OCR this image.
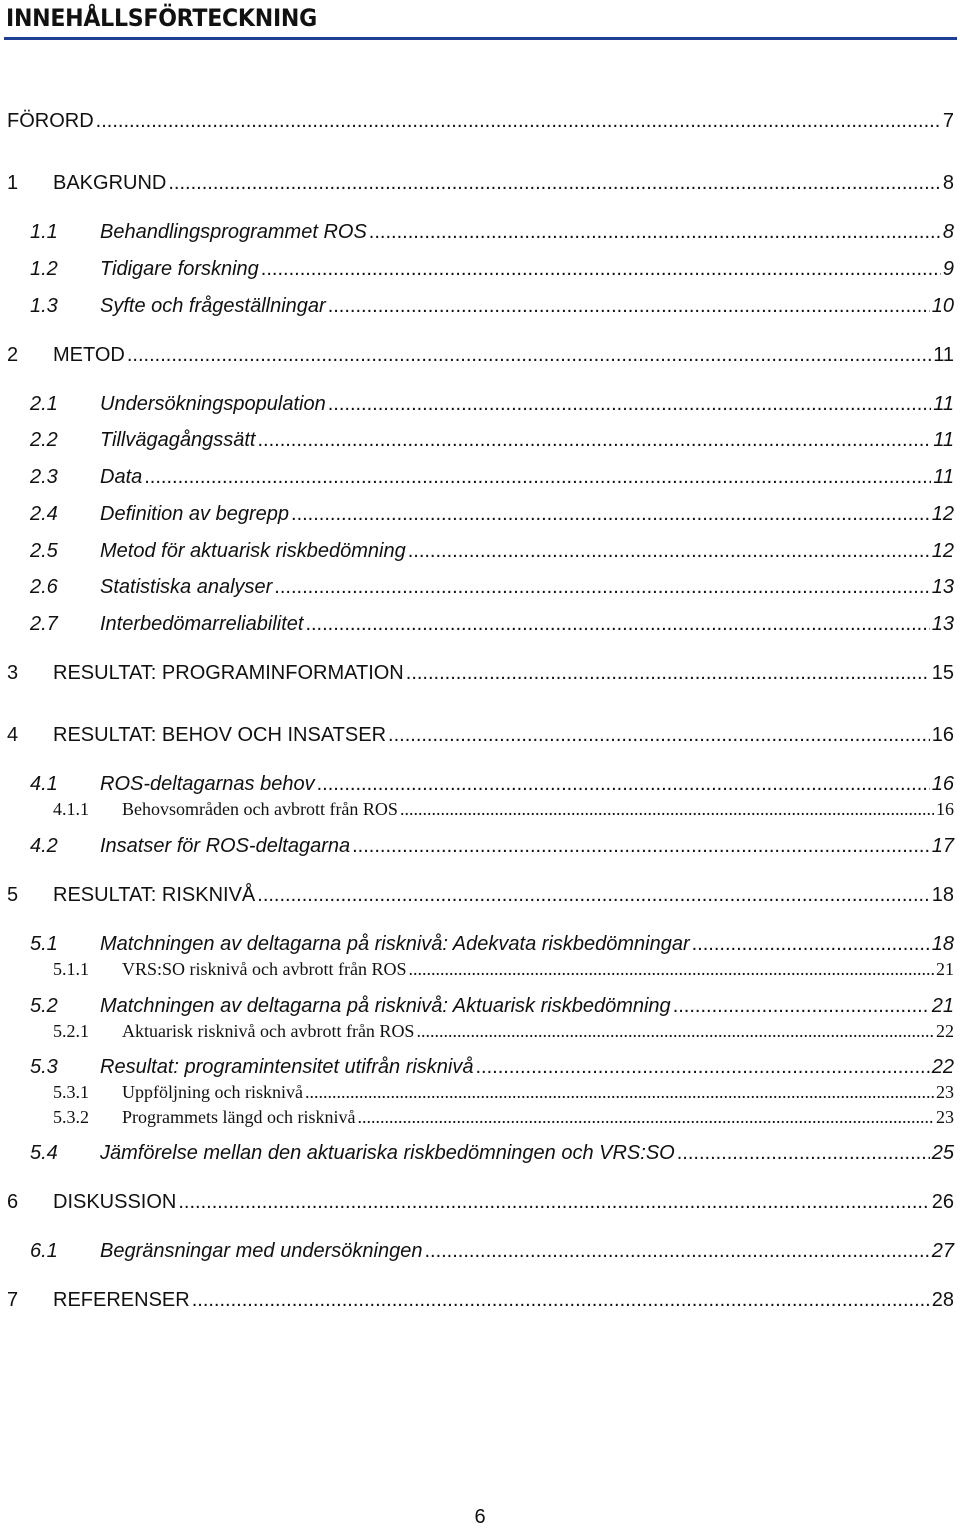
INNEHÅLLSFÖRTECKNING
FÖRORD .....	7
1	BAKGRUND .....	8
1.1	Behandlingsprogrammet ROS .....	8
1.2	Tidigare forskning .....	9
1.3	Syfte och frågeställningar .....	10
2	METOD .....	11
2.1	Undersökningspopulation .....	11
2.2	Tillvägagångssätt .....	11
2.3	Data .....	11
2.4	Definition av begrepp .....	12
2.5	Metod för aktuarisk riskbedömning .....	12
2.6	Statistiska analyser .....	13
2.7	Interbedömarreliabilitet .....	13
3	RESULTAT: PROGRAMINFORMATION .....	15
4	RESULTAT: BEHOV OCH INSATSER .....	16
4.1	ROS-deltagarnas behov .....	16
4.1.1	Behovsområden och avbrott från ROS .....	16
4.2	Insatser för ROS-deltagarna .....	17
5	RESULTAT: RISKNIVÅ .....	18
5.1	Matchningen av deltagarna på risknivå: Adekvata riskbedömningar .....	18
5.1.1	VRS:SO risknivå och avbrott från ROS .....	21
5.2	Matchningen av deltagarna på risknivå: Aktuarisk riskbedömning .....	21
5.2.1	Aktuarisk risknivå och avbrott från ROS .....	22
5.3	Resultat: programintensitet utifrån risknivå .....	22
5.3.1	Uppföljning och risknivå .....	23
5.3.2	Programmets längd och risknivå .....	23
5.4	Jämförelse mellan den aktuariska riskbedömningen och VRS:SO .....	25
6	DISKUSSION .....	26
6.1	Begränsningar med undersökningen .....	27
7	REFERENSER .....	28
6
